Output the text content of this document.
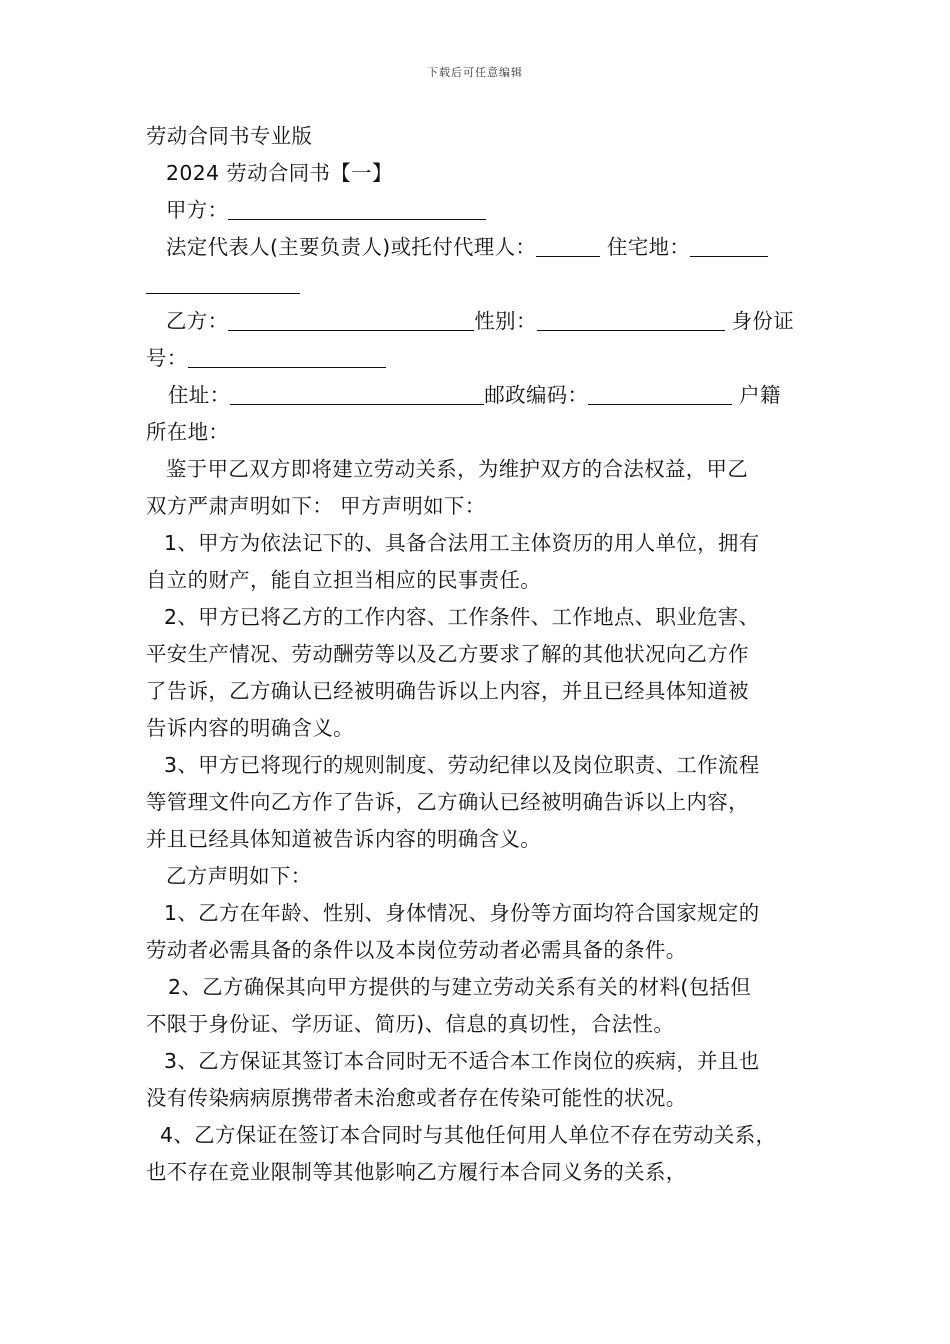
下载后可任意编辑
劳动合同书专业版
2024 劳动合同书【一】
甲方：
法定代表人(主要负责人)或托付代理人：	住宅地：
乙方：	性别：	身份证
号：
住址：	邮政编码：	户籍
所在地：
鉴于甲乙双方即将建立劳动关系，为维护双方的合法权益，甲乙
双方严肃声明如下： 甲方声明如下：
1、甲方为依法记下的、具备合法用工主体资历的用人单位，拥有
自立的财产，能自立担当相应的民事责任。
2、甲方已将乙方的工作内容、工作条件、工作地点、职业危害、
平安生产情况、劳动酬劳等以及乙方要求了解的其他状况向乙方作
了告诉，乙方确认已经被明确告诉以上内容，并且已经具体知道被
告诉内容的明确含义。
3、甲方已将现行的规则制度、劳动纪律以及岗位职责、工作流程
等管理文件向乙方作了告诉，乙方确认已经被明确告诉以上内容，
并且已经具体知道被告诉内容的明确含义。
乙方声明如下：
1、乙方在年龄、性别、身体情况、身份等方面均符合国家规定的
劳动者必需具备的条件以及本岗位劳动者必需具备的条件。
2、乙方确保其向甲方提供的与建立劳动关系有关的材料(包括但
不限于身份证、学历证、简历)、信息的真切性，合法性。
3、乙方保证其签订本合同时无不适合本工作岗位的疾病，并且也
没有传染病病原携带者未治愈或者存在传染可能性的状况。
4、乙方保证在签订本合同时与其他任何用人单位不存在劳动关系，
也不存在竞业限制等其他影响乙方履行本合同义务的关系，
